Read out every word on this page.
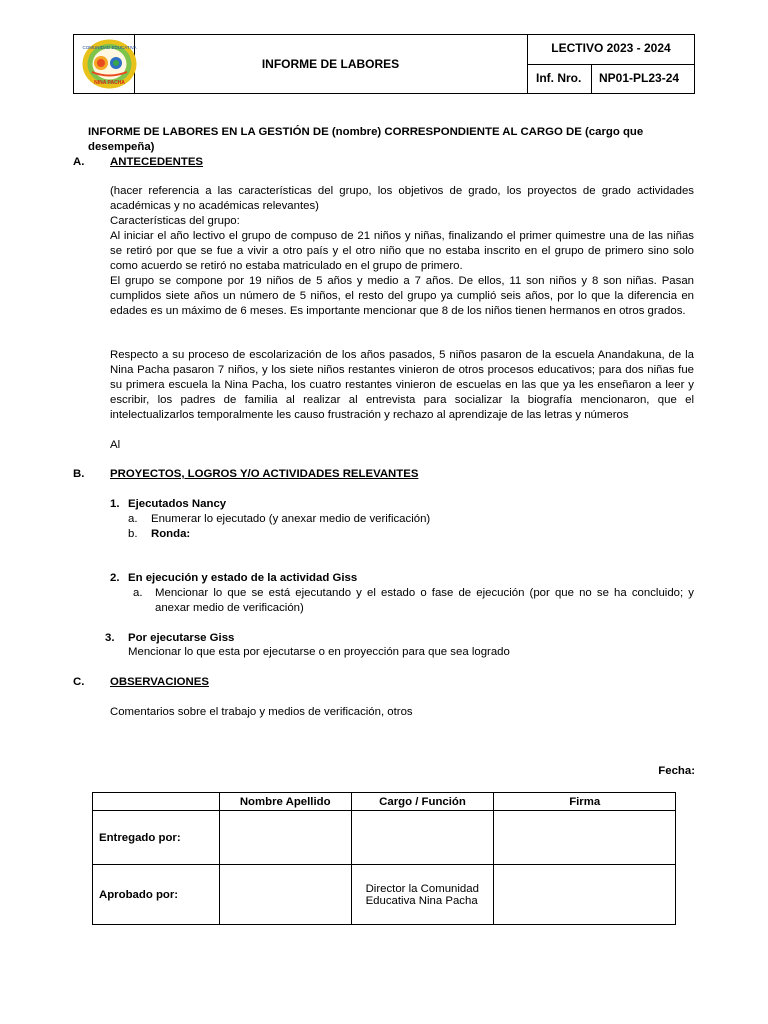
COMUNIDAD EDUCATIVA
NINA PACHA
INFORME DE LABORES
LECTIVO 2023 - 2024
Inf. Nro. NP01-PL23-24
INFORME DE LABORES EN LA GESTIÓN DE (nombre) CORRESPONDIENTE AL CARGO DE (cargo que desempeña)
A. ANTECEDENTES
(hacer referencia a las características del grupo, los objetivos de grado, los proyectos de grado actividades académicas y no académicas relevantes)
Características del grupo:
Al iniciar el año lectivo el grupo de compuso de 21 niños y niñas, finalizando el primer quimestre una de las niñas se retiró por que se fue a vivir a otro país y el otro niño que no estaba inscrito en el grupo de primero sino solo como acuerdo se retiró no estaba matriculado en el grupo de primero.
El grupo se compone por 19 niños de 5 años y medio a 7 años. De ellos, 11 son niños y 8 son niñas. Pasan cumplidos siete años un número de 5 niños, el resto del grupo ya cumplió seis años, por lo que la diferencia en edades es un máximo de 6 meses. Es importante mencionar que 8 de los niños tienen hermanos en otros grados.
Respecto a su proceso de escolarización de los años pasados, 5 niños pasaron de la escuela Anandakuna, de la Nina Pacha pasaron 7 niños, y los siete niños restantes vinieron de otros procesos educativos; para dos niñas fue su primera escuela la Nina Pacha, los cuatro restantes vinieron de escuelas en las que ya les enseñaron a leer y escribir, los padres de familia al realizar al entrevista para socializar la biografía mencionaron, que el intelectualizarlos temporalmente les causo frustración y rechazo al aprendizaje de las letras y números
Al
B. PROYECTOS, LOGROS Y/O ACTIVIDADES RELEVANTES
1. Ejecutados Nancy
a. Enumerar lo ejecutado (y anexar medio de verificación)
b. Ronda:
2. En ejecución y estado de la actividad Giss
a. Mencionar lo que se está ejecutando y el estado o fase de ejecución (por que no se ha concluido; y anexar medio de verificación)
3. Por ejecutarse Giss
Mencionar lo que esta por ejecutarse o en proyección para que sea logrado
C. OBSERVACIONES
Comentarios sobre el trabajo y medios de verificación, otros
Fecha:
	Nombre Apellido	Cargo / Función	Firma
Entregado por:			
Aprobado por:		Director la Comunidad Educativa Nina Pacha	
